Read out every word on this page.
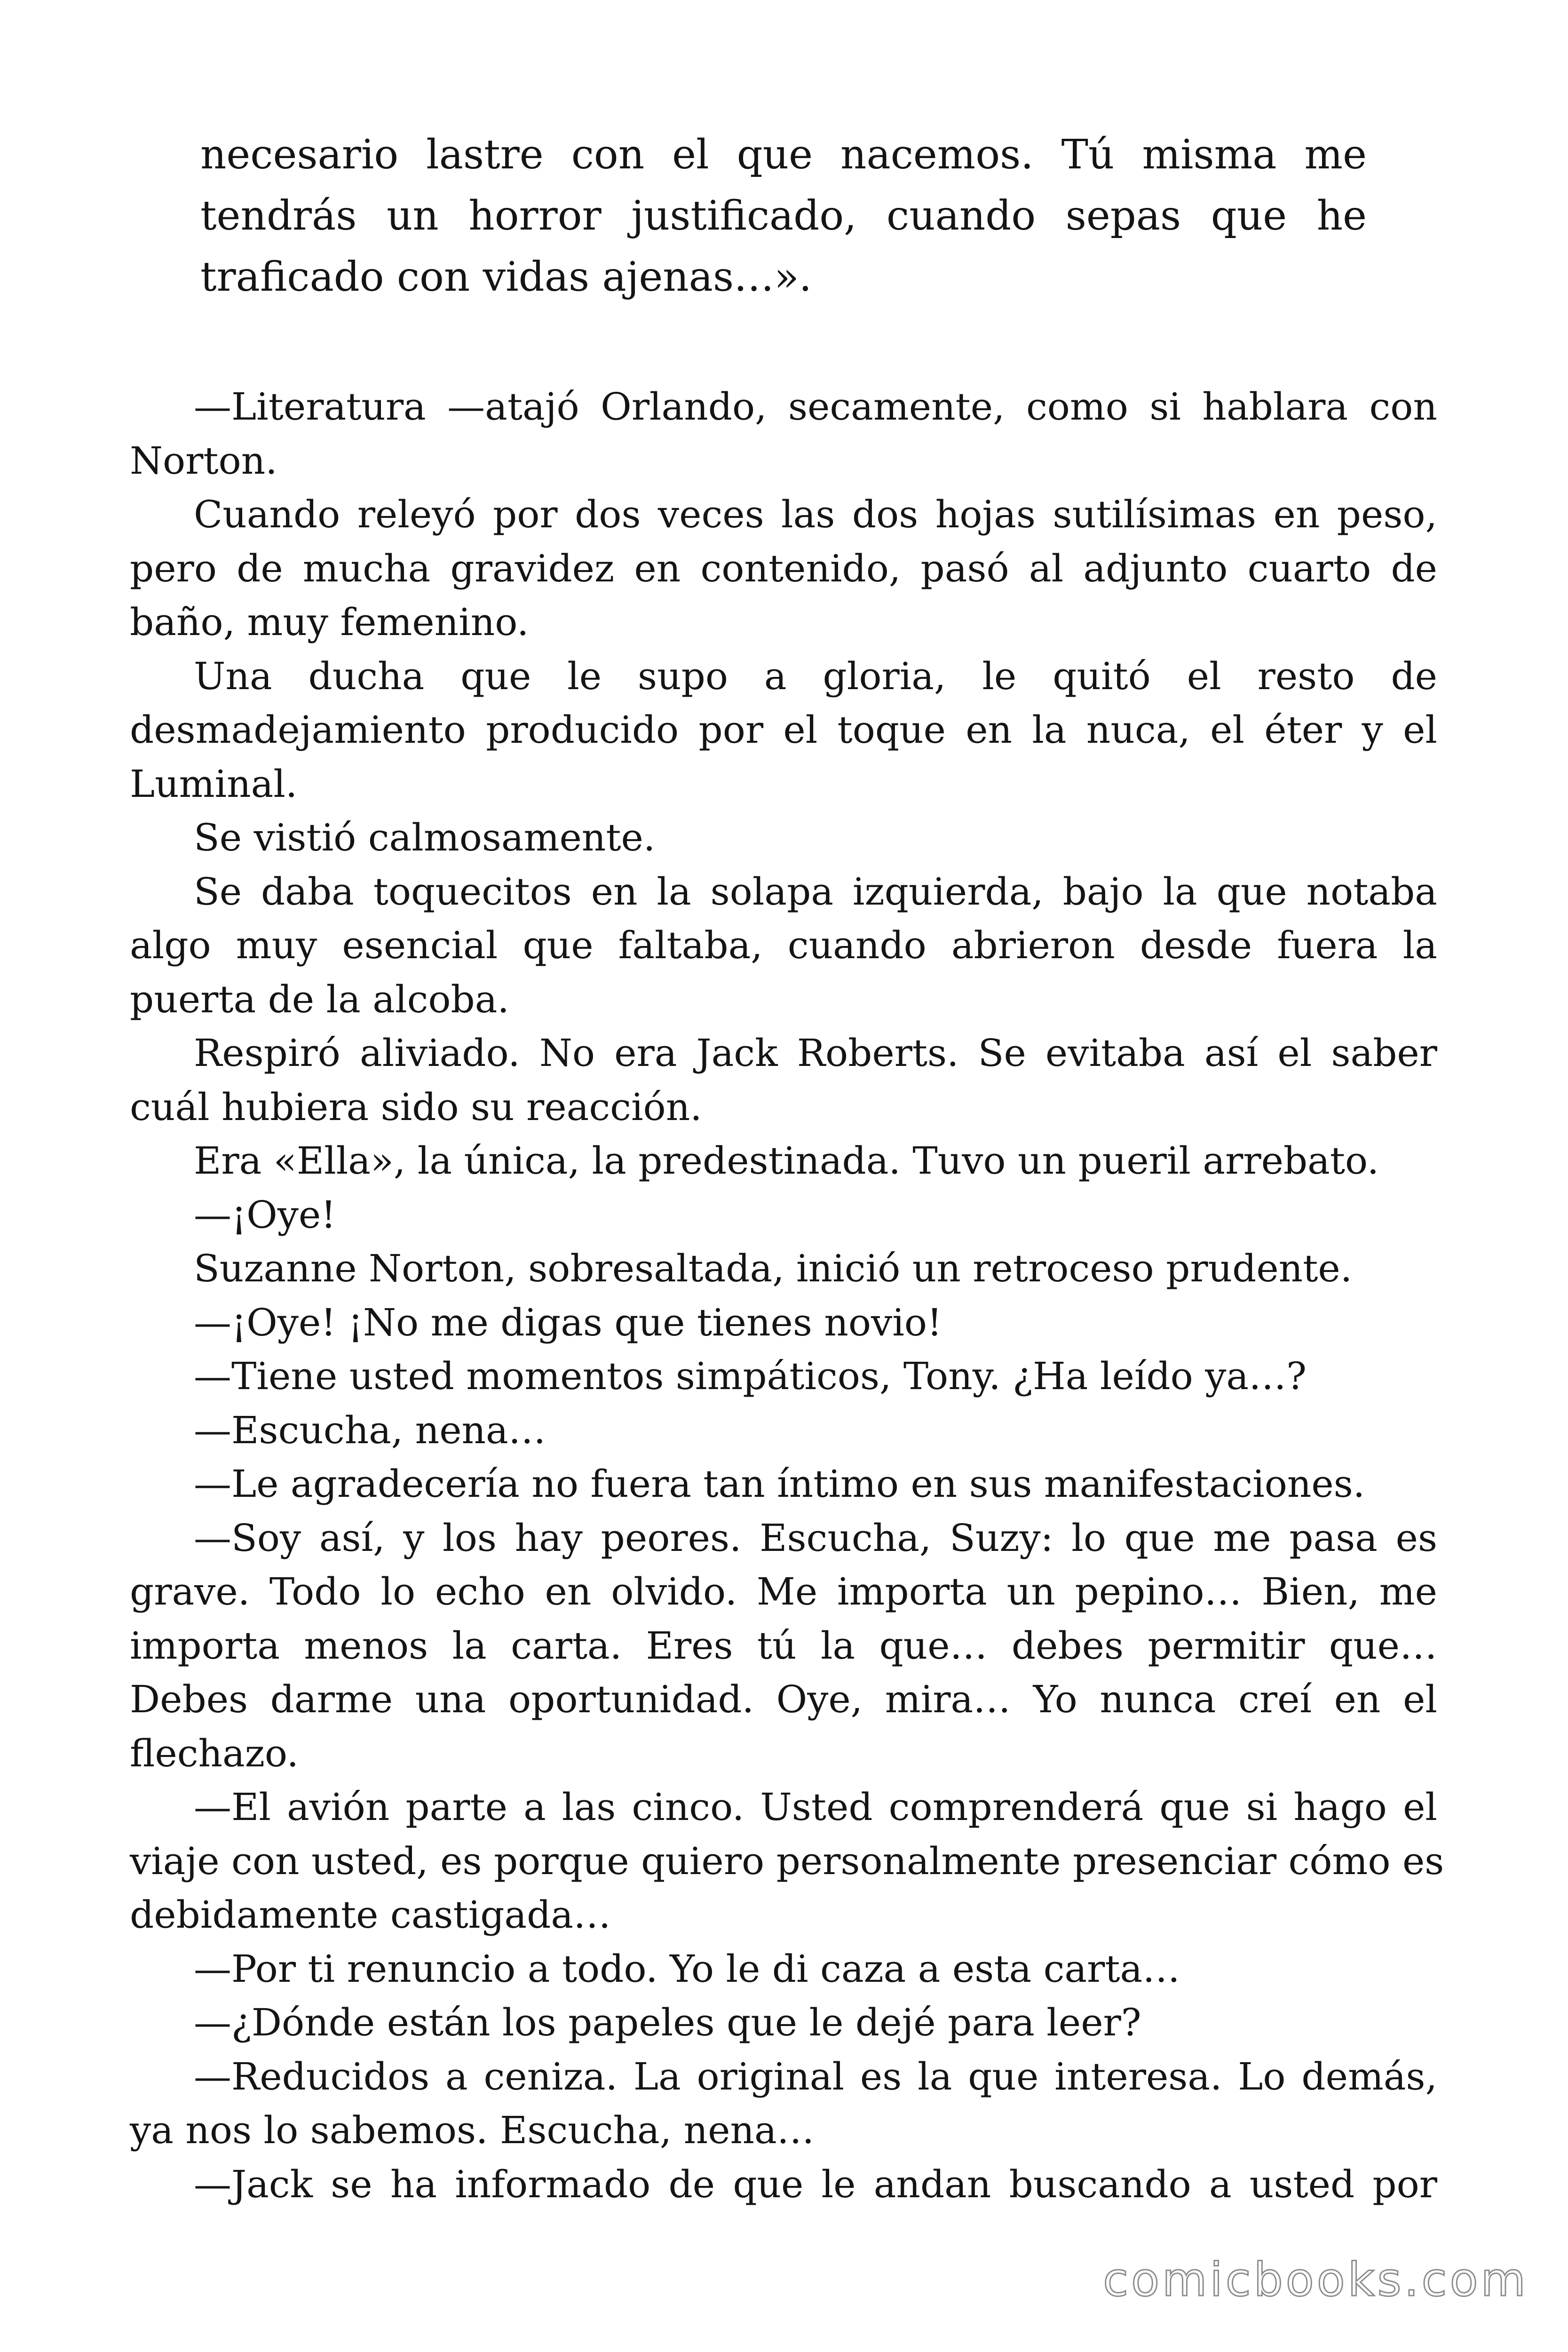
necesario lastre con el que nacemos. Tú misma me
tendrás un horror justificado, cuando sepas que he
traficado con vidas ajenas…».
—Literatura —atajó Orlando, secamente, como si hablara con
Norton.
Cuando releyó por dos veces las dos hojas sutilísimas en peso,
pero de mucha gravidez en contenido, pasó al adjunto cuarto de
baño, muy femenino.
Una ducha que le supo a gloria, le quitó el resto de
desmadejamiento producido por el toque en la nuca, el éter y el
Luminal.
Se vistió calmosamente.
Se daba toquecitos en la solapa izquierda, bajo la que notaba
algo muy esencial que faltaba, cuando abrieron desde fuera la
puerta de la alcoba.
Respiró aliviado. No era Jack Roberts. Se evitaba así el saber
cuál hubiera sido su reacción.
Era «Ella», la única, la predestinada. Tuvo un pueril arrebato.
—¡Oye!
Suzanne Norton, sobresaltada, inició un retroceso prudente.
—¡Oye! ¡No me digas que tienes novio!
—Tiene usted momentos simpáticos, Tony. ¿Ha leído ya…?
—Escucha, nena…
—Le agradecería no fuera tan íntimo en sus manifestaciones.
—Soy así, y los hay peores. Escucha, Suzy: lo que me pasa es
grave. Todo lo echo en olvido. Me importa un pepino… Bien, me
importa menos la carta. Eres tú la que… debes permitir que…
Debes darme una oportunidad. Oye, mira… Yo nunca creí en el
flechazo.
—El avión parte a las cinco. Usted comprenderá que si hago el
viaje con usted, es porque quiero personalmente presenciar cómo es
debidamente castigada…
—Por ti renuncio a todo. Yo le di caza a esta carta…
—¿Dónde están los papeles que le dejé para leer?
—Reducidos a ceniza. La original es la que interesa. Lo demás,
ya nos lo sabemos. Escucha, nena…
—Jack se ha informado de que le andan buscando a usted por
comicbooks.com
